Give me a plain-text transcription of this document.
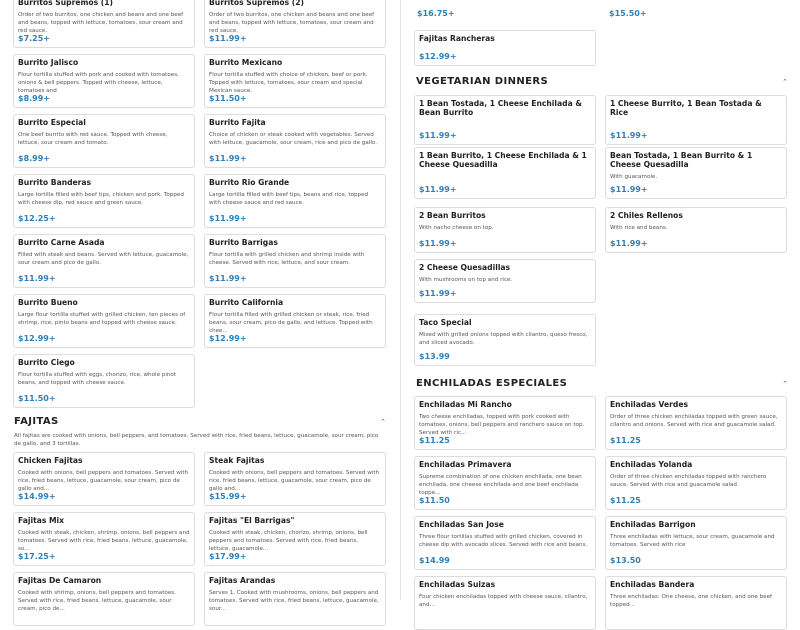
Burritos Supremos (1)
Order of two burritos, one chicken and beans and one beef and beans, topped with lettuce, tomatoes, sour cream and red sauce.
$7.25+
Burritos Supremos (2)
Order of two burritos, one chicken and beans and one beef and beans, topped with lettuce, tomatoes, sour cream and red sauce.
$11.99+
Burrito Jalisco
Flour tortilla stuffed with pork and cooked with tomatoes, onions & bell peppers. Topped with cheese, lettuce, tomatoes and
$8.99+
Burrito Mexicano
Flour tortilla stuffed with choice of chicken, beef or pork. Topped with lettuce, tomatoes, sour cream and special Mexican sauce.
$11.50+
Burrito Especial
One beef burrito with red sauce. Topped with cheese, lettuce, sour cream and tomato.
$8.99+
Burrito Fajita
Choice of chicken or steak cooked with vegetables. Served with lettuce, guacamole, sour cream, rice and pico de gallo.
$11.99+
Burrito Banderas
Large tortilla filled with beef tips, chicken and pork. Topped with cheese dip, red sauce and green sauce.
$12.25+
Burrito Rio Grande
Large tortilla filled with beef tips, beans and rice, topped with cheese sauce and red sauce.
$11.99+
Burrito Carne Asada
Filled with steak and beans. Served with lettuce, guacamole, sour cream and pico de gallo.
$11.99+
Burrito Barrigas
Flour tortilla with grilled chicken and shrimp inside with cheese. Served with rice, lettuce, and sour cream.
$11.99+
Burrito Bueno
Large flour tortilla stuffed with grilled chicken, ten pieces of shrimp, rice, pinto beans and topped with cheese sauce.
$12.99+
Burrito California
Flour tortilla filled with grilled chicken or steak, rice, fried beans, sour cream, pico de gallo, and lettuce. Topped with chee...
$12.99+
Burrito Ciego
Flour tortilla stuffed with eggs, chorizo, rice, whole pinot beans, and topped with cheese sauce.
$11.50+
FAJITAS	⌃
All fajitas are cooked with onions, bell peppers, and tomatoes. Served with rice, fried beans, lettuce, guacamole, sour cream, pico de gallo, and 3 tortillas.
Chicken Fajitas
Cooked with onions, bell peppers and tomatoes. Served with rice, fried beans, lettuce, guacamole, sour cream, pico de gallo and...
$14.99+
Steak Fajitas
Cooked with onions, bell peppers and tomatoes. Served with rice, fried beans, lettuce, guacamole, sour cream, pico de gallo and...
$15.99+
Fajitas Mix
Cooked with steak, chicken, shrimp, onions, bell peppers and tomatoes. Served with rice, fried beans, lettuce, guacamole, so...
$17.25+
Fajitas "El Barrigas"
Cooked with steak, chicken, chorizo, shrimp, onions, bell peppers and tomatoes. Served with rice, fried beans, lettuce, guacamole...
$17.99+
Fajitas De Camaron
Cooked with shrimp, onions, bell peppers and tomatoes. Served with rice, fried beans, lettuce, guacamole, sour cream, pico de...
Fajitas Arandas
Serves 1. Cooked with mushrooms, onions, bell peppers and tomatoes. Served with rice, fried beans, lettuce, guacamole, sour...
$16.75+	$15.50+
Fajitas Rancheras
$12.99+
VEGETARIAN DINNERS	⌃
1 Bean Tostada, 1 Cheese Enchilada & Bean Burrito
$11.99+
1 Cheese Burrito, 1 Bean Tostada & Rice
$11.99+
1 Bean Burrito, 1 Cheese Enchilada & 1 Cheese Quesadilla
$11.99+
Bean Tostada, 1 Bean Burrito & 1 Cheese Quesadilla
With guacamole.
$11.99+
2 Bean Burritos
With nacho cheese on top.
$11.99+
2 Chiles Rellenos
With rice and beans.
$11.99+
2 Cheese Quesadillas
With mushrooms on top and rice.
$11.99+
Taco Special
Mixed with grilled onions topped with cilantro, queso fresco, and sliced avocado.
$13.99
ENCHILADAS ESPECIALES	⌃
Enchiladas Mi Rancho
Two cheese enchiladas, topped with pork cooked with tomatoes, onions, bell peppers and ranchero sauce on top. Served with ric...
$11.25
Enchiladas Verdes
Order of three chicken enchiladas topped with green sauce, cilantro and onions. Served with rice and guacamole salad.
$11.25
Enchiladas Primavera
Supreme combination of one chicken enchilada, one bean enchilada, one cheese enchilada and one beef enchilada toppe...
$11.50
Enchiladas Yolanda
Order of three chicken enchiladas topped with ranchero sauce. Served with rice and guacamole salad.
$11.25
Enchiladas San Jose
Three flour tortillas stuffed with grilled chicken, covered in cheese dip with avocado slices. Served with rice and beans.
$14.99
Enchiladas Barrigon
Three enchiladas with lettuce, sour cream, guacamole and tomatoes. Served with rice
$13.50
Enchiladas Suizas
Four chicken enchiladas topped with cheese sauce, cilantro, and...
Enchiladas Bandera
Three enchiladas: One cheese, one chicken, and one beef topped...
